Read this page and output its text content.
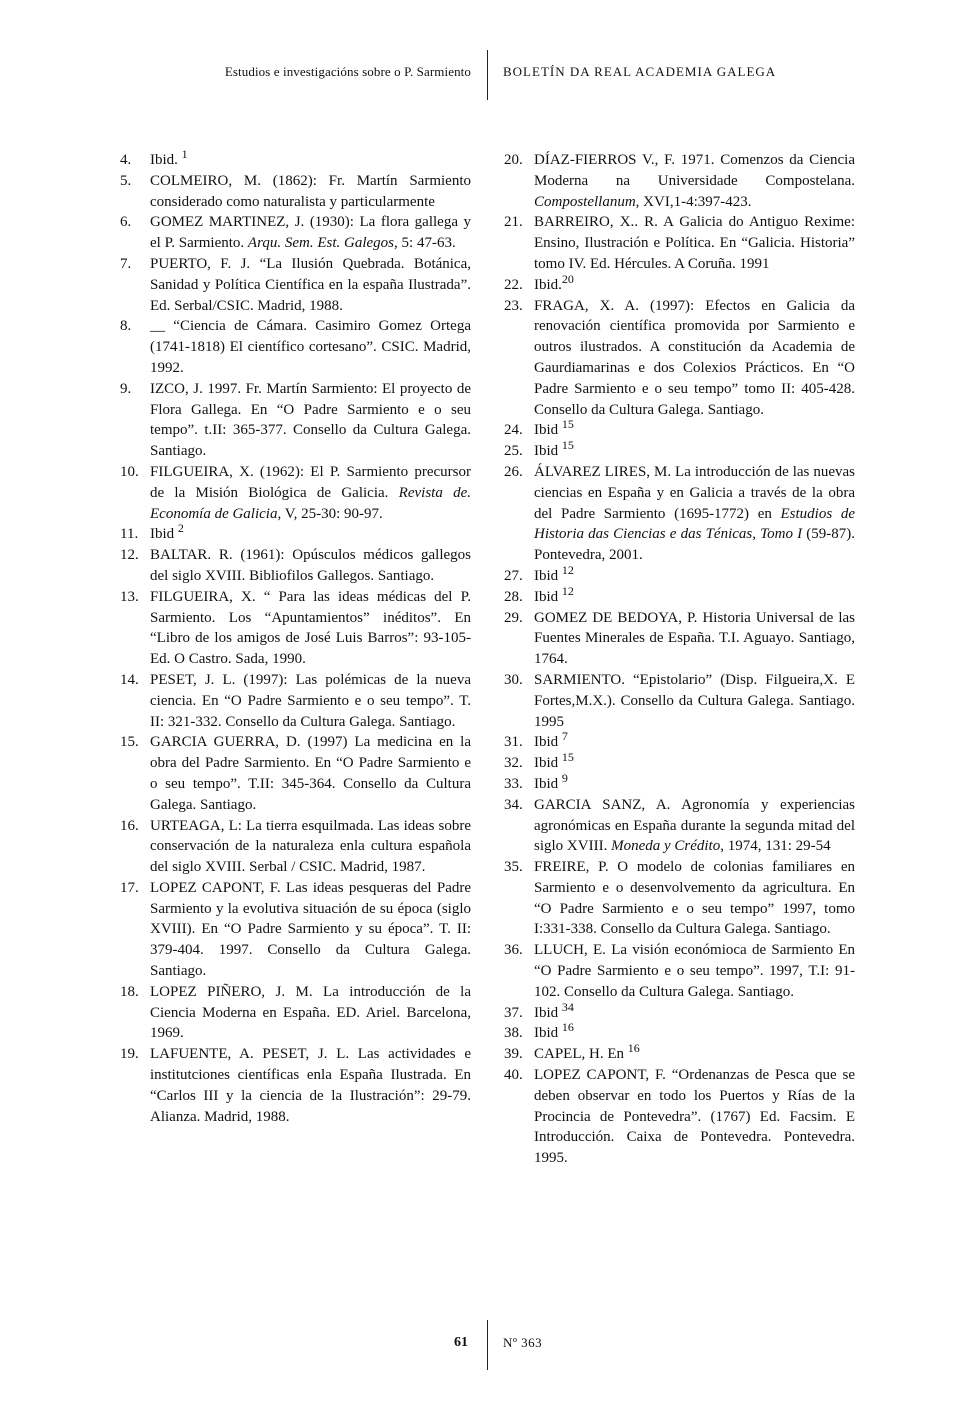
Estudios e investigacións sobre o P. Sarmiento BOLETÍN DA REAL ACADEMIA GALEGA
4.	Ibid. $^1$
5.	COLMEIRO, M. (1862): Fr. Martín Sarmiento considerado como naturalista y particularmente
6.	GOMEZ MARTINEZ, J. (1930): La flora gallega y el P. Sarmiento. Arqu. Sem. Est. Galegos, 5: 47-63.
7.	PUERTO, F. J. “La Ilusión Quebrada. Botánica, Sanidad y Política Científica en la españa Ilustrada”. Ed. Serbal/CSIC. Madrid, 1988.
8.	__ “Ciencia de Cámara. Casimiro Gomez Ortega (1741-1818) El científico cortesano”. CSIC. Madrid, 1992.
9.	IZCO, J. 1997. Fr. Martín Sarmiento: El proyecto de Flora Gallega. En “O Padre Sarmiento e o seu tempo”. t.II: 365-377. Consello da Cultura Galega. Santiago.
10. FILGUEIRA, X. (1962): El P. Sarmiento precursor de la Misión Biológica de Galicia. Revista de. Economía de Galicia, V, 25-30: 90-97.
11. Ibid $^2$
12. BALTAR. R. (1961): Opúsculos médicos gallegos del siglo XVIII. Bibliofilos Gallegos. Santiago.
13. FILGUEIRA, X. “ Para las ideas médicas del P. Sarmiento. Los “Apuntamientos” inéditos”. En “Libro de los amigos de José Luis Barros”: 93-105- Ed. O Castro. Sada, 1990.
14. PESET, J. L. (1997): Las polémicas de la nueva ciencia. En “O Padre Sarmiento e o seu tempo”. T. II: 321-332. Consello da Cultura Galega. Santiago.
15. GARCIA GUERRA, D. (1997) La medicina en la obra del Padre Sarmiento. En “O Padre Sarmiento e o seu tempo”. T.II: 345-364. Consello da Cultura Galega. Santiago.
16. URTEAGA, L: La tierra esquilmada. Las ideas sobre conservación de la naturaleza enla cultura española del siglo XVIII. Serbal / CSIC. Madrid, 1987.
17. LOPEZ CAPONT, F. Las ideas pesqueras del Padre Sarmiento y la evolutiva situación de su época (siglo XVIII). En “O Padre Sarmiento y su época”. T. II: 379-404. 1997. Consello da Cultura Galega. Santiago.
18. LOPEZ PIÑERO, J. M. La introducción de la Ciencia Moderna en España. ED. Ariel. Barcelona, 1969.
19. LAFUENTE, A. PESET, J. L. Las actividades e institutciones científicas enla España Ilustrada. En “Carlos III y la ciencia de la Ilustración”: 29-79. Alianza. Madrid, 1988.
20. DÍAZ-FIERROS V., F. 1971. Comenzos da Ciencia Moderna na Universidade Compostelana. Compostellanum, XVI,1-4:397-423.
21. BARREIRO, X.. R. A Galicia do Antiguo Rexime: Ensino, Ilustración e Política. En “Galicia. Historia” tomo IV. Ed. Hércules. A Coruña. 1991
22. Ibid.$^{20}$
23. FRAGA, X. A. (1997): Efectos en Galicia da renovación científica promovida por Sarmiento e outros ilustrados. A constitución da Academia de Gaurdiamarinas e dos Colexios Prácticos. En “O Padre Sarmiento e o seu tempo” tomo II: 405-428. Consello da Cultura Galega. Santiago.
24. Ibid $^{15}$
25. Ibid $^{15}$
26. ÁLVAREZ LIRES, M. La introducción de las nuevas ciencias en España y en Galicia a través de la obra del Padre Sarmiento (1695-1772) en Estudios de Historia das Ciencias e das Ténicas, Tomo I (59-87). Pontevedra, 2001.
27. Ibid $^{12}$
28. Ibid $^{12}$
29. GOMEZ DE BEDOYA, P. Historia Universal de las Fuentes Minerales de España. T.I. Aguayo. Santiago, 1764.
30. SARMIENTO. “Epistolario” (Disp. Filgueira,X. E Fortes,M.X.). Consello da Cultura Galega. Santiago. 1995
31. Ibid $^7$
32. Ibid $^{15}$
33. Ibid $^9$
34. GARCIA SANZ, A. Agronomía y experiencias agronómicas en España durante la segunda mitad del siglo XVIII. Moneda y Crédito, 1974, 131: 29-54
35. FREIRE, P. O modelo de colonias familiares en Sarmiento e o desenvolvemento da agricultura. En “O Padre Sarmiento e o seu tempo” 1997, tomo I:331-338. Consello da Cultura Galega. Santiago.
36. LLUCH, E. La visión económioca de Sarmiento En “O Padre Sarmiento e o seu tempo”. 1997, T.I: 91-102. Consello da Cultura Galega. Santiago.
37. Ibid $^{34}$
38. Ibid $^{16}$
39. CAPEL, H. En $^{16}$
40. LOPEZ CAPONT, F. “Ordenanzas de Pesca que se deben observar en todo los Puertos y Rías de la Procincia de Pontevedra”. (1767) Ed. Facsim. E Introducción. Caixa de Pontevedra. Pontevedra. 1995.
61	Nº 363
